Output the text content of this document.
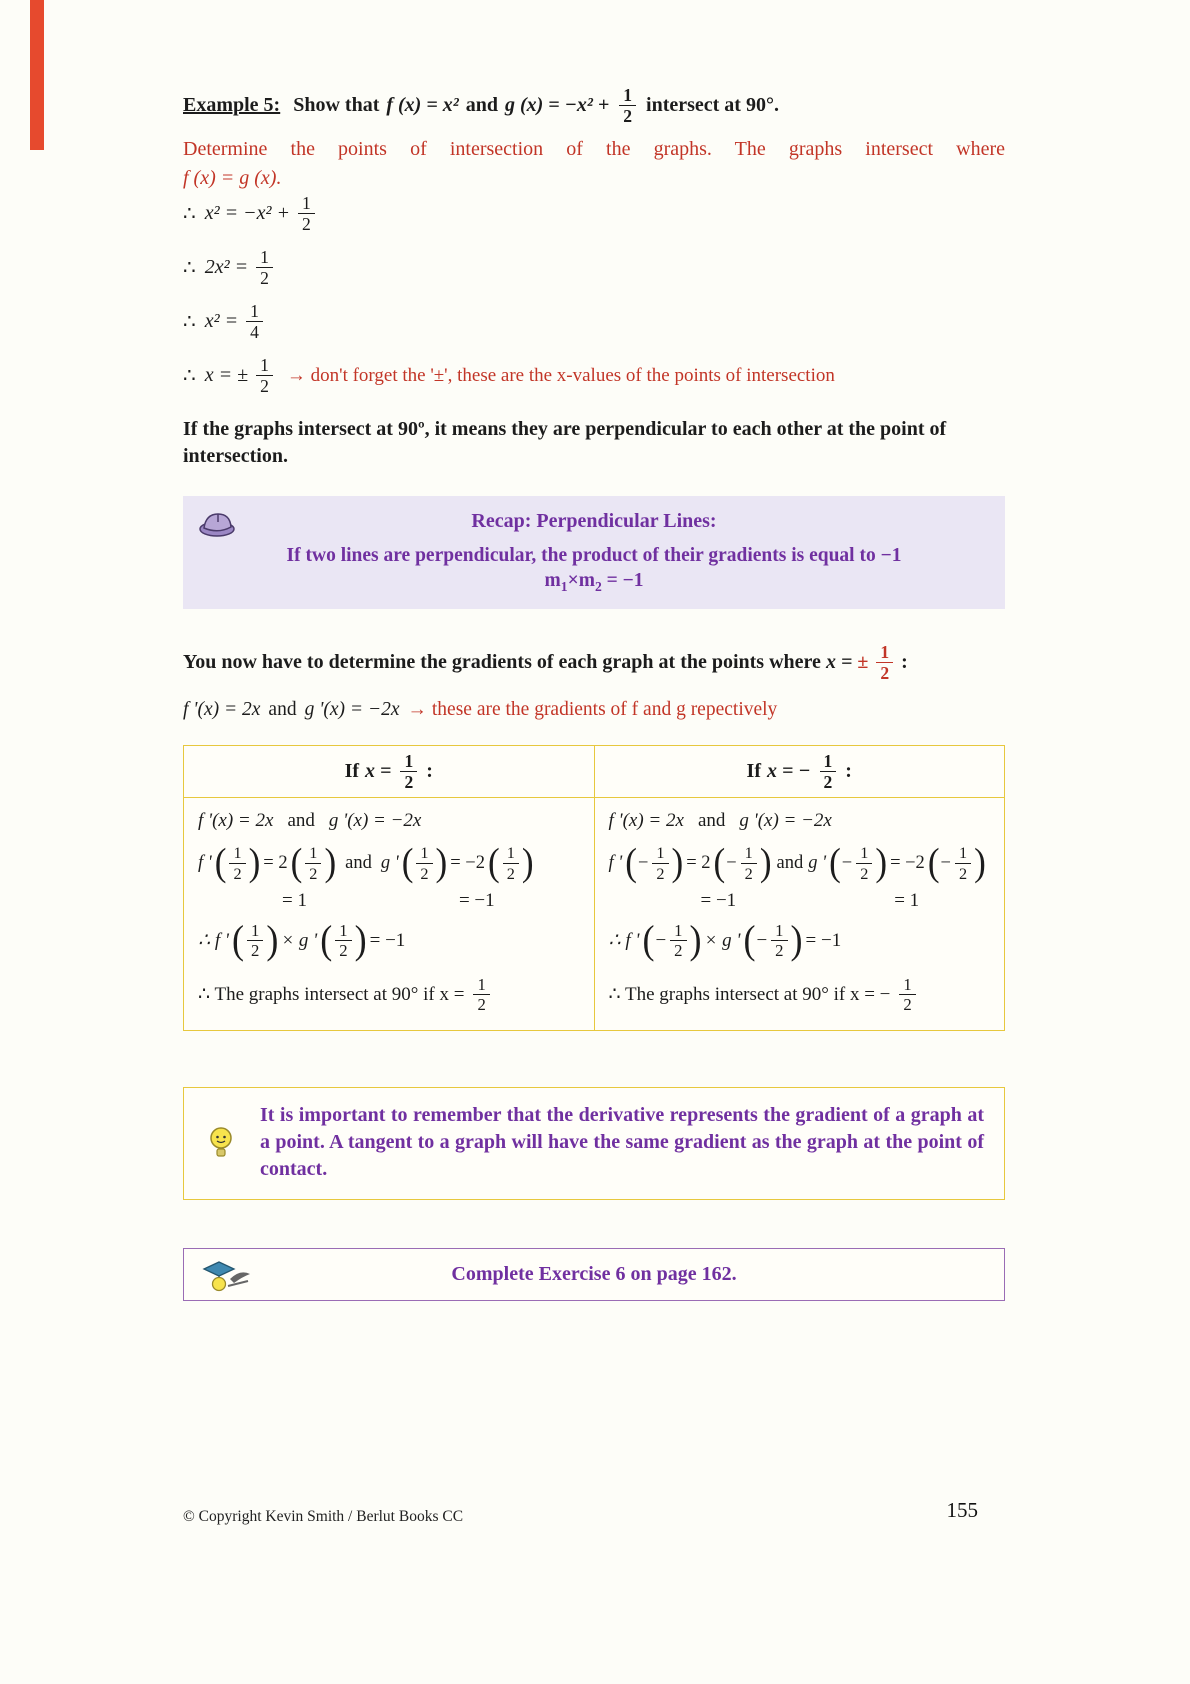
Example 5: Show that f (x) = x² and g $(x) = -x^2 + \frac{1}{2}$ intersect at 90°.

Determine the points of intersection of the graphs. The graphs intersect where
f (x) = g (x).

∴ $x^2 = -x^2 + \frac{1}{2}$
∴ $2x^2 = \frac{1}{2}$
∴ $x^2 = \frac{1}{4}$
∴ x = ± $\frac{1}{2} \to don't$ forget the '±', these are the x-values of the points of intersection

If the graphs intersect at 90º, it means they are perpendicular to each other at the point of intersection.

Recap: Perpendicular Lines:

If two lines are perpendicular, the product of their gradients is equal to −1

$m_1\times m_2 = -1$

You now have to determine the gradients of each graph at the points where x = ± $\frac{1}{2}$ :

f '(x) = 2x and g '(x) = −2x → these are the gradients of f and g repectively

If $x = \frac{1}{2}$ :	If x = − $\frac{1}{2}$ :

f '(x) = 2x and g '(x) = −2x
f ' ( $\frac{1}{2}$ ) = 2 ( $\frac{1}{2}$ ) and g ' ( $\frac{1}{2}$ ) = −2 ( $\frac{1}{2}$ )
= 1	= −1
∴ f ' ( $\frac{1}{2}$ ) × g ' ( $\frac{1}{2}$ ) = −1
∴ The graphs intersect at 90° if $x = \frac{1}{2}$

f '(x) = 2x and g '(x) = −2x
f ' ( − $\frac{1}{2}$ ) = 2 ( − $\frac{1}{2}$ ) and g ' ( − $\frac{1}{2}$ ) = −2 ( − $\frac{1}{2}$ )
= −1	= 1
∴ f ' ( − $\frac{1}{2}$ ) × g ' ( − $\frac{1}{2}$ ) = −1
∴ The graphs intersect at 90° if x = − $\frac{1}{2}$
It is important to remember that the derivative represents the gradient of a graph at a point. A tangent to a graph will have the same gradient as the graph at the point of contact.
Complete Exercise 6 on page 162.
© Copyright Kevin Smith / Berlut Books CC	155
